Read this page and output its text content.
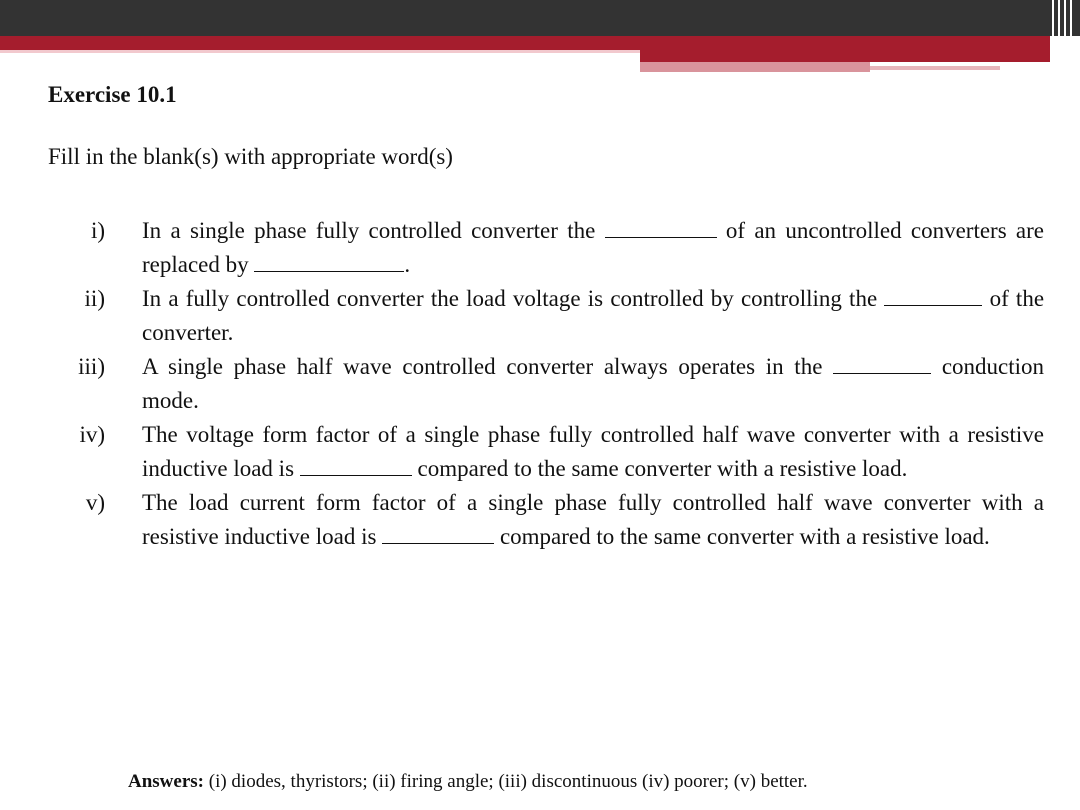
Exercise 10.1
Fill in the blank(s) with appropriate word(s)
i) In a single phase fully controlled converter the	of an uncontrolled converters are replaced by	.
ii) In a fully controlled converter the load voltage is controlled by controlling the	of the converter.
iii) A single phase half wave controlled converter always operates in the	conduction mode.
iv) The voltage form factor of a single phase fully controlled half wave converter with a resistive inductive load is	compared to the same converter with a resistive load.
v) The load current form factor of a single phase fully controlled half wave converter with a resistive inductive load is	compared to the same converter with a resistive load.
Answers: (i) diodes, thyristors; (ii) firing angle; (iii) discontinuous (iv) poorer; (v) better.
